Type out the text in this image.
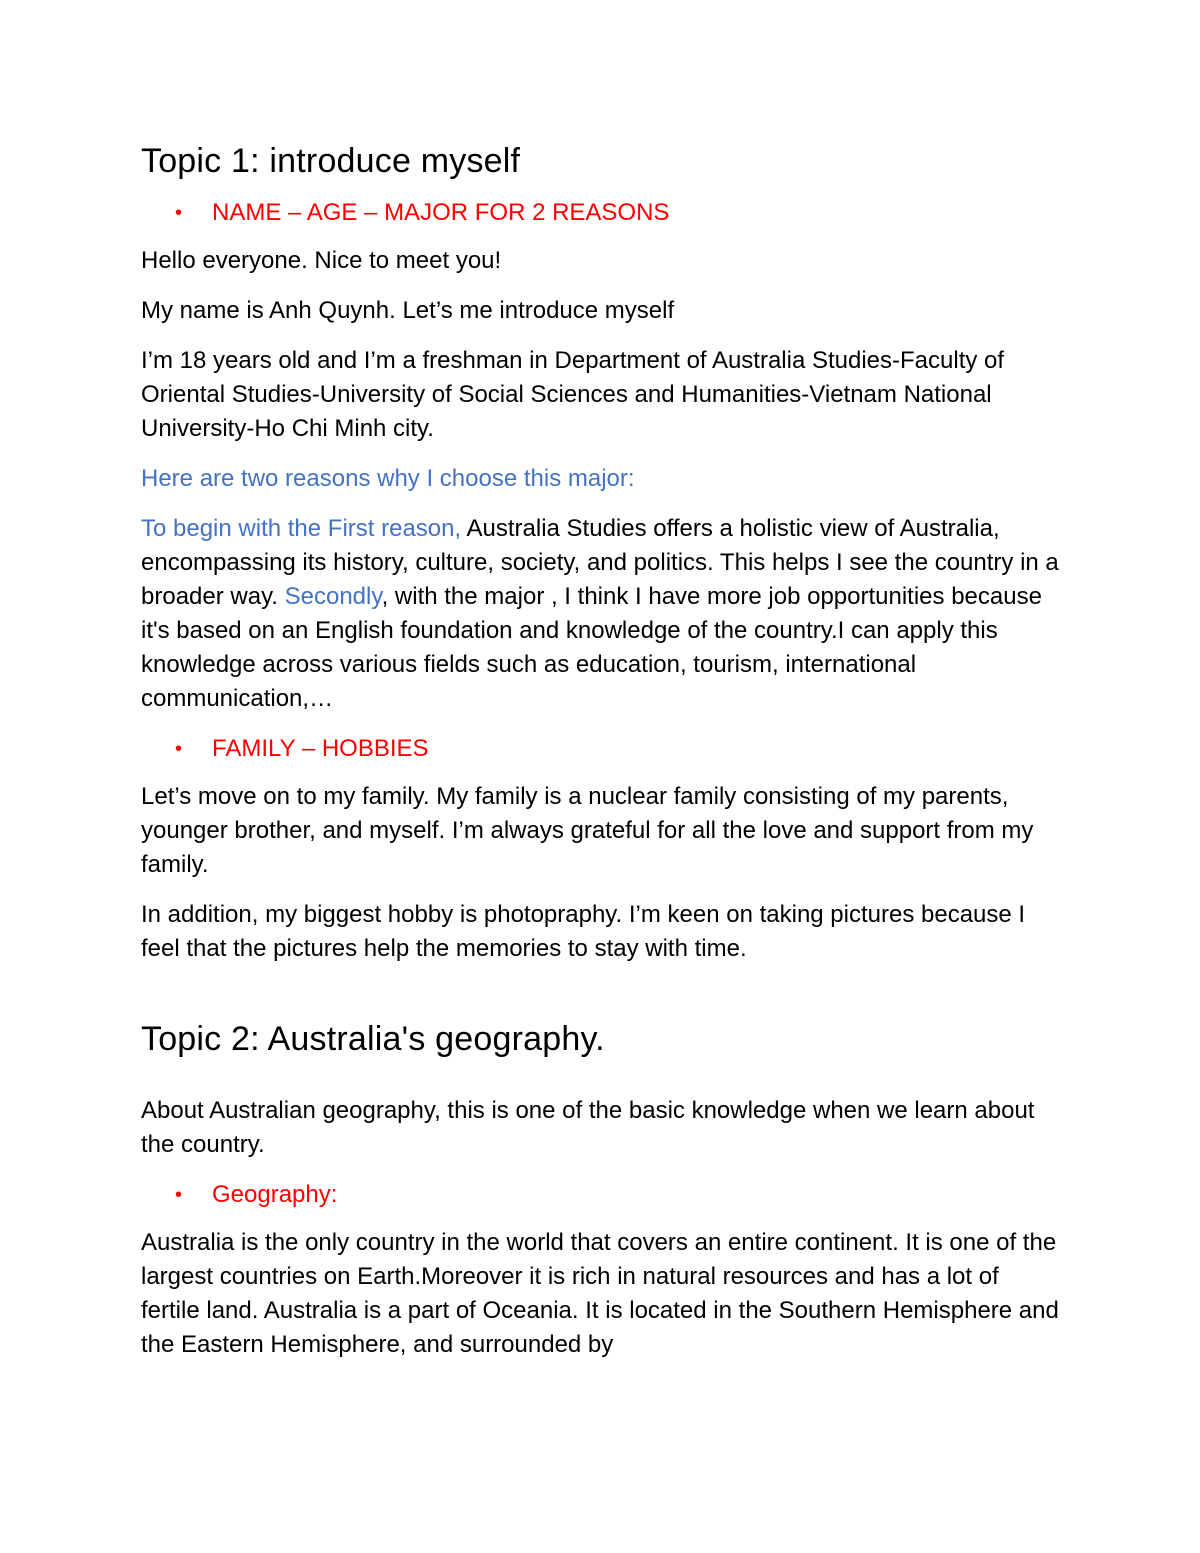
Topic 1: introduce myself
• NAME – AGE – MAJOR FOR 2 REASONS

Hello everyone. Nice to meet you!

My name is Anh Quynh. Let’s me introduce myself

I’m 18 years old and I’m a freshman in Department of Australia Studies-Faculty of Oriental Studies-University of Social Sciences and Humanities-Vietnam National University-Ho Chi Minh city.

Here are two reasons why I choose this major:

To begin with the First reason, Australia Studies offers a holistic view of Australia, encompassing its history, culture, society, and politics. This helps I see the country in a broader way. Secondly, with the major , I think I have more job opportunities because it's based on an English foundation and knowledge of the country.I can apply this knowledge across various fields such as education, tourism, international communication,…

• FAMILY – HOBBIES

Let’s move on to my family. My family is a nuclear family consisting of my parents, younger brother, and myself. I’m always grateful for all the love and support from my family.

In addition, my biggest hobby is photopraphy. I’m keen on taking pictures because I feel that the pictures help the memories to stay with time.

Topic 2: Australia's geography.

About Australian geography, this is one of the basic knowledge when we learn about the country.

• Geography:

Australia is the only country in the world that covers an entire continent. It is one of the largest countries on Earth.Moreover it is rich in natural resources and has a lot of fertile land. Australia is a part of Oceania. It is located in the Southern Hemisphere and the Eastern Hemisphere, and surrounded by
